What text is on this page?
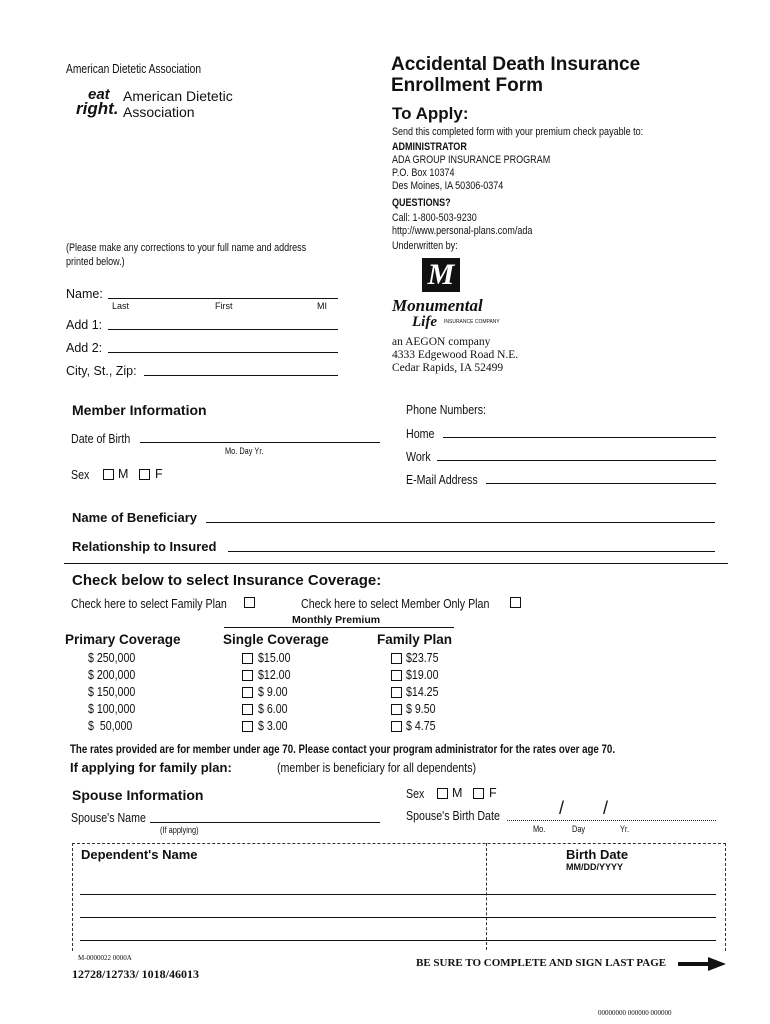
American Dietetic Association
eat
right.
American Dietetic
Association
Accidental Death Insurance
Enrollment Form
To Apply:
Send this completed form with your premium check payable to:
ADMINISTRATOR
ADA GROUP INSURANCE PROGRAM
P.O. Box 10374
Des Moines, IA 50306-0374
QUESTIONS?
Call: 1-800-503-9230
http://www.personal-plans.com/ada
Underwritten by:
M
Monumental
Life INSURANCE COMPANY
an AEGON company
4333 Edgewood Road N.E.
Cedar Rapids, IA 52499
(Please make any corrections to your full name and address
printed below.)
Name:
Last	First	MI
Add 1:
Add 2:
City, St., Zip:
Member Information
Date of Birth
Mo. Day Yr.
Sex M F
Phone Numbers:
Home
Work
E-Mail Address
Name of Beneficiary
Relationship to Insured
Check below to select Insurance Coverage:
Check here to select Family Plan	Check here to select Member Only Plan
Monthly Premium
Primary Coverage	Single Coverage	Family Plan
$ 250,000	$15.00	$23.75
$ 200,000	$12.00	$19.00
$ 150,000	$ 9.00	$14.25
$ 100,000	$ 6.00	$ 9.50
$  50,000	$ 3.00	$ 4.75
The rates provided are for member under age 70. Please contact your program administrator for the rates over age 70.
If applying for family plan:	(member is beneficiary for all dependents)
Spouse Information	Sex M F
Spouse's Name
(If applying)
Spouse's Birth Date	/ /
Mo.	Day	Yr.
Dependent's Name	Birth Date
MM/DD/YYYY
M-0000022 0000A
12728/12733/ 1018/46013
BE SURE TO COMPLETE AND SIGN LAST PAGE
00000000 000000 000000
